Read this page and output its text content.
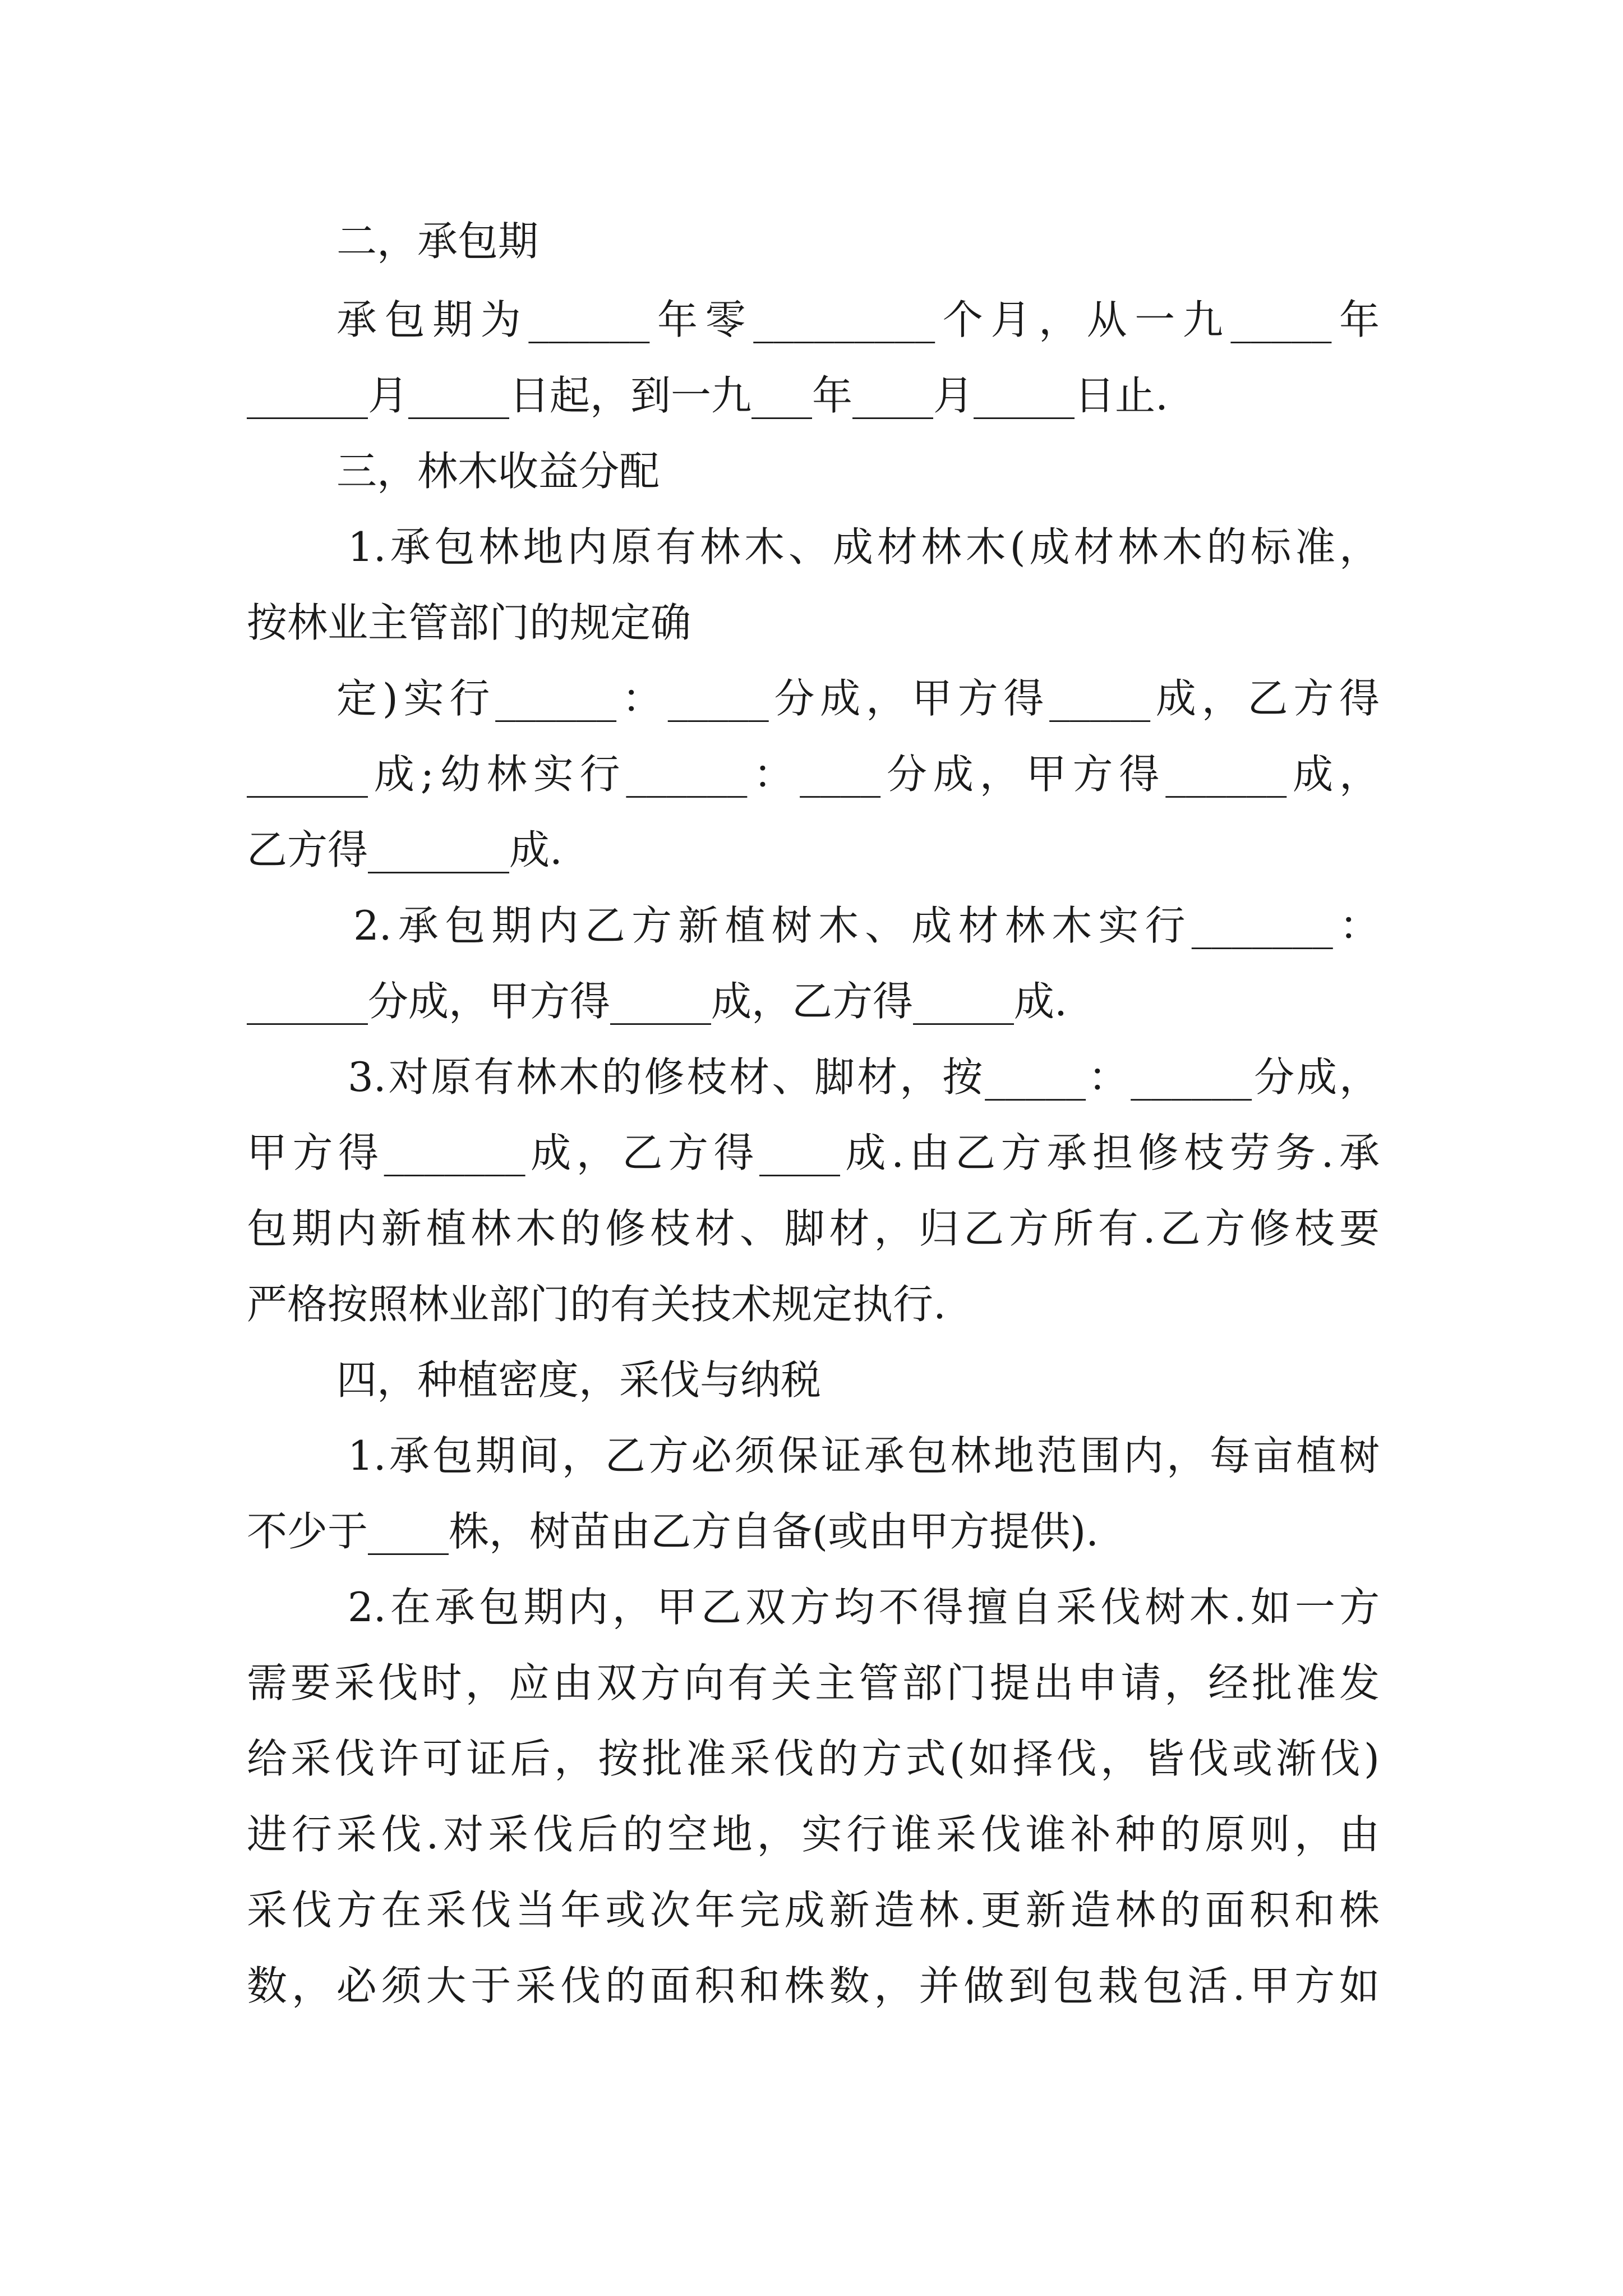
二，承包期
承包期为______年零_________个月，从一九_____年
______月_____日起，到一九___年____月_____日止.
三，林木收益分配
1.承包林地内原有林木、成材林木(成材林木的标准，
按林业主管部门的规定确
定)实行______：_____分成，甲方得_____成，乙方得
______成;幼林实行______：____分成，甲方得______成，
乙方得_______成.
2.承包期内乙方新植树木、成材林木实行_______：
______分成，甲方得_____成，乙方得_____成.
3.对原有林木的修枝材、脚材，按_____：______分成，
甲方得_______成，乙方得____成.由乙方承担修枝劳务.承
包期内新植林木的修枝材、脚材，归乙方所有.乙方修枝要
严格按照林业部门的有关技术规定执行.
四，种植密度，采伐与纳税
1.承包期间，乙方必须保证承包林地范围内，每亩植树
不少于____株，树苗由乙方自备(或由甲方提供).
2.在承包期内，甲乙双方均不得擅自采伐树木.如一方
需要采伐时，应由双方向有关主管部门提出申请，经批准发
给采伐许可证后，按批准采伐的方式(如择伐，皆伐或渐伐)
进行采伐.对采伐后的空地，实行谁采伐谁补种的原则，由
采伐方在采伐当年或次年完成新造林.更新造林的面积和株
数，必须大于采伐的面积和株数，并做到包栽包活.甲方如
